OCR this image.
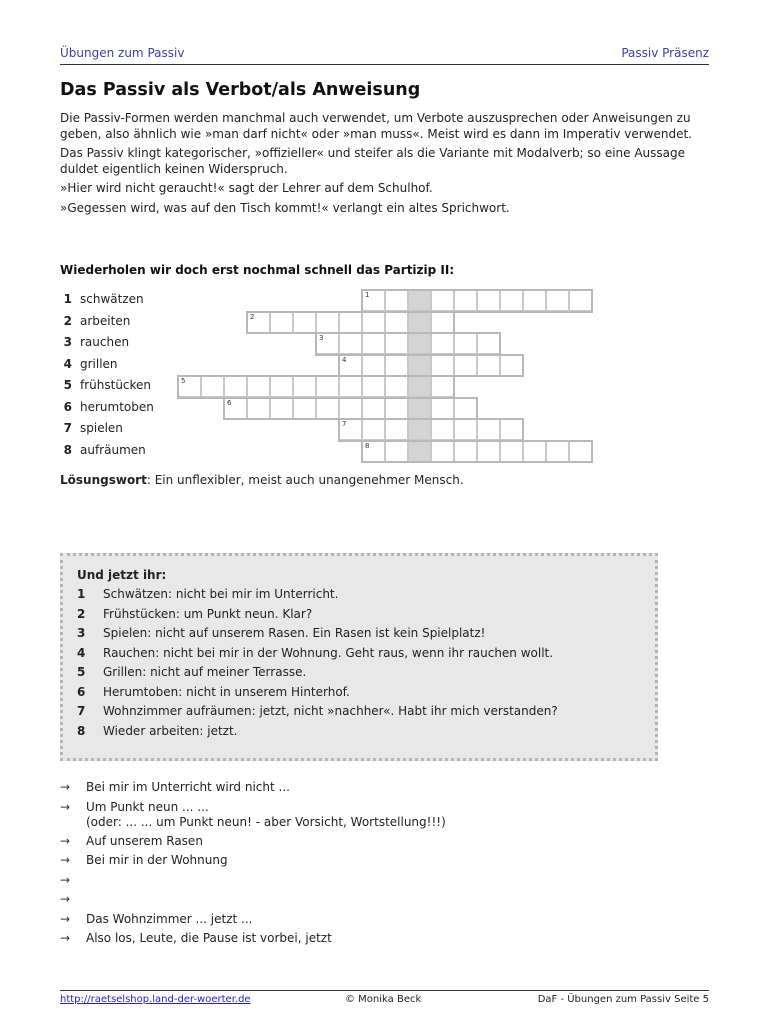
Übungen zum Passiv	Passiv Präsenz
Das Passiv als Verbot/als Anweisung

Die Passiv-Formen werden manchmal auch verwendet, um Verbote auszusprechen oder Anweisungen zu geben, also ähnlich wie »man darf nicht« oder »man muss«. Meist wird es dann im Imperativ verwendet.

Das Passiv klingt kategorischer, »offizieller« und steifer als die Variante mit Modalverb; so eine Aussage duldet eigentlich keinen Widerspruch.

»Hier wird nicht geraucht!« sagt der Lehrer auf dem Schulhof.

»Gegessen wird, was auf den Tisch kommt!« verlangt ein altes Sprichwort.

Wiederholen wir doch erst nochmal schnell das Partizip II:
1 schwätzen
2 arbeiten
3 rauchen
4 grillen
5 frühstücken
6 herumtoben
7 spielen
8 aufräumen
1
2
3
4
5
6
7
8
Lösungswort: Ein unflexibler, meist auch unangenehmer Mensch.
Und jetzt ihr:
1 Schwätzen: nicht bei mir im Unterricht.
2 Frühstücken: um Punkt neun. Klar?
3 Spielen: nicht auf unserem Rasen. Ein Rasen ist kein Spielplatz!
4 Rauchen: nicht bei mir in der Wohnung. Geht raus, wenn ihr rauchen wollt.
5 Grillen: nicht auf meiner Terrasse.
6 Herumtoben: nicht in unserem Hinterhof.
7 Wohnzimmer aufräumen: jetzt, nicht »nachher«. Habt ihr mich verstanden?
8 Wieder arbeiten: jetzt.
→ Bei mir im Unterricht wird nicht ...
→ Um Punkt neun ... ...
(oder: ... ... um Punkt neun! - aber Vorsicht, Wortstellung!!!)
→ Auf unserem Rasen
→ Bei mir in der Wohnung
→
→
→ Das Wohnzimmer ... jetzt ...
→ Also los, Leute, die Pause ist vorbei, jetzt
http://raetselshop.land-der-woerter.de	© Monika Beck	DaF - Übungen zum Passiv Seite 5
